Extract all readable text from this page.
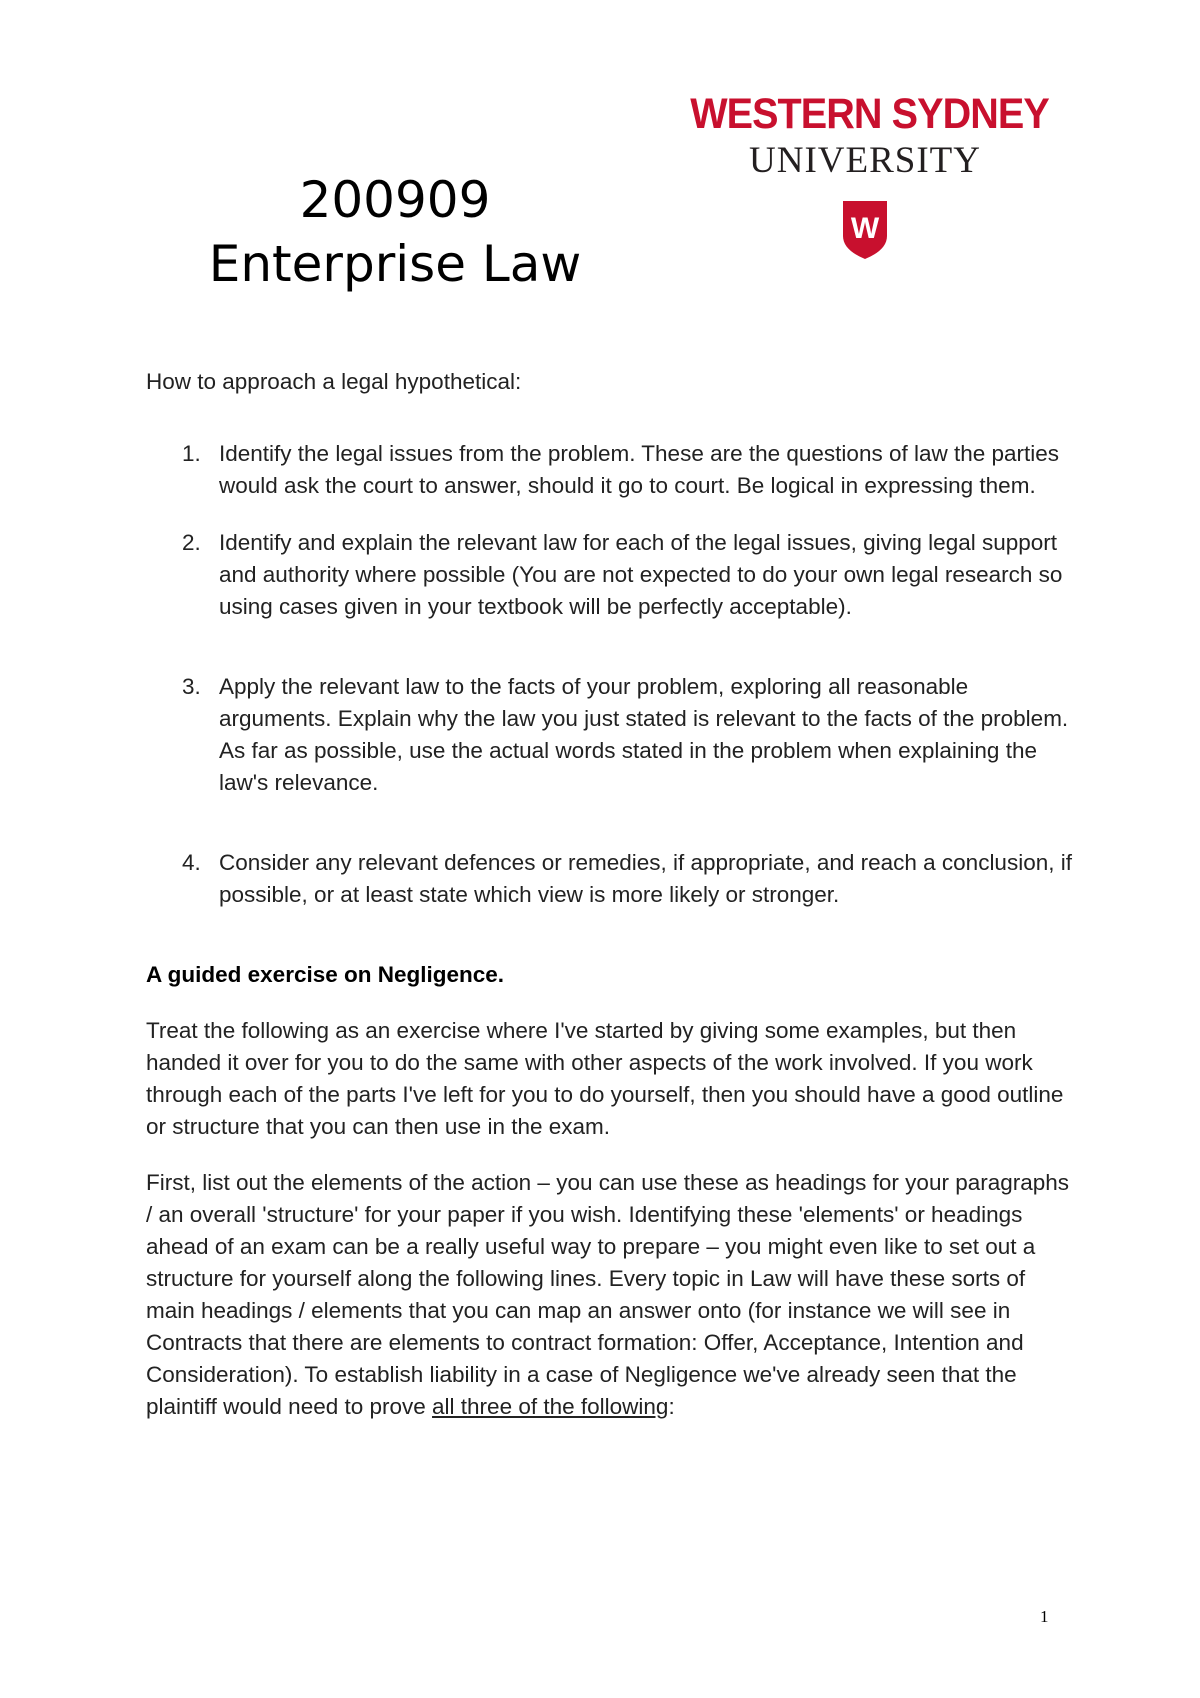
200909
Enterprise Law
WESTERN SYDNEY
UNIVERSITY
W

How to approach a legal hypothetical:

1. Identify the legal issues from the problem. These are the questions of law the parties would ask the court to answer, should it go to court. Be logical in expressing them.
2. Identify and explain the relevant law for each of the legal issues, giving legal support and authority where possible (You are not expected to do your own legal research so using cases given in your textbook will be perfectly acceptable).
3. Apply the relevant law to the facts of your problem, exploring all reasonable arguments. Explain why the law you just stated is relevant to the facts of the problem. As far as possible, use the actual words stated in the problem when explaining the law's relevance.
4. Consider any relevant defences or remedies, if appropriate, and reach a conclusion, if possible, or at least state which view is more likely or stronger.

A guided exercise on Negligence.

Treat the following as an exercise where I've started by giving some examples, but then handed it over for you to do the same with other aspects of the work involved. If you work through each of the parts I've left for you to do yourself, then you should have a good outline or structure that you can then use in the exam.

First, list out the elements of the action – you can use these as headings for your paragraphs / an overall 'structure' for your paper if you wish. Identifying these 'elements' or headings ahead of an exam can be a really useful way to prepare – you might even like to set out a structure for yourself along the following lines. Every topic in Law will have these sorts of main headings / elements that you can map an answer onto (for instance we will see in Contracts that there are elements to contract formation: Offer, Acceptance, Intention and Consideration). To establish liability in a case of Negligence we've already seen that the plaintiff would need to prove all three of the following:

1
